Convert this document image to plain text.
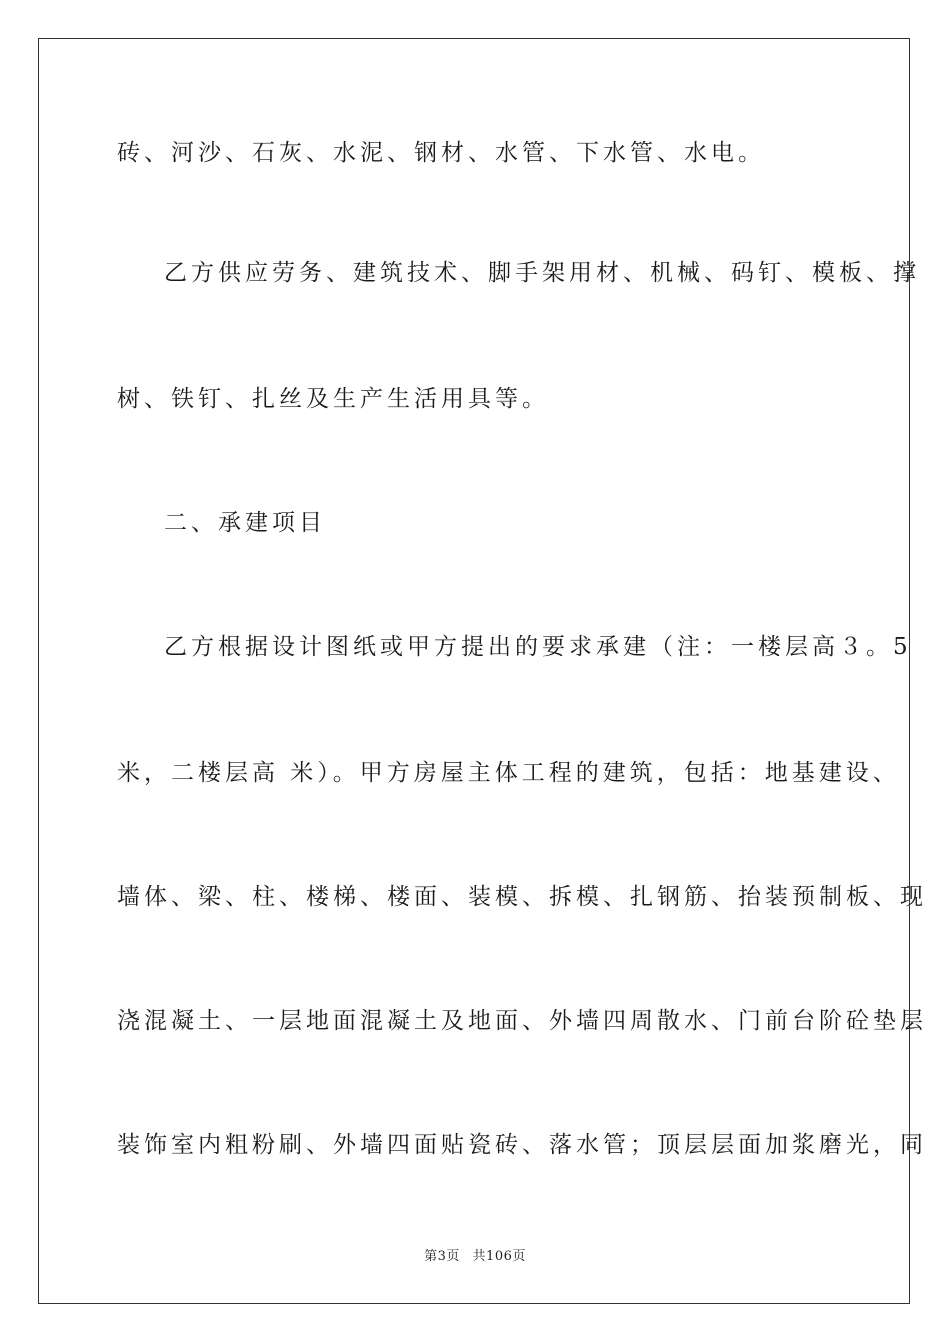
砖、河沙、石灰、水泥、钢材、水管、下水管、水电。
乙方供应劳务、建筑技术、脚手架用材、机械、码钉、模板、撑
树、铁钉、扎丝及生产生活用具等。
二、承建项目
乙方根据设计图纸或甲方提出的要求承建（注：一楼层高３。5
米，二楼层高 米）。甲方房屋主体工程的建筑，包括：地基建设、
墙体、梁、柱、楼梯、楼面、装模、拆模、扎钢筋、抬装预制板、现
浇混凝土、一层地面混凝土及地面、外墙四周散水、门前台阶砼垫层
装饰室内粗粉刷、外墙四面贴瓷砖、落水管；顶层层面加浆磨光，同
第3页 共106页
